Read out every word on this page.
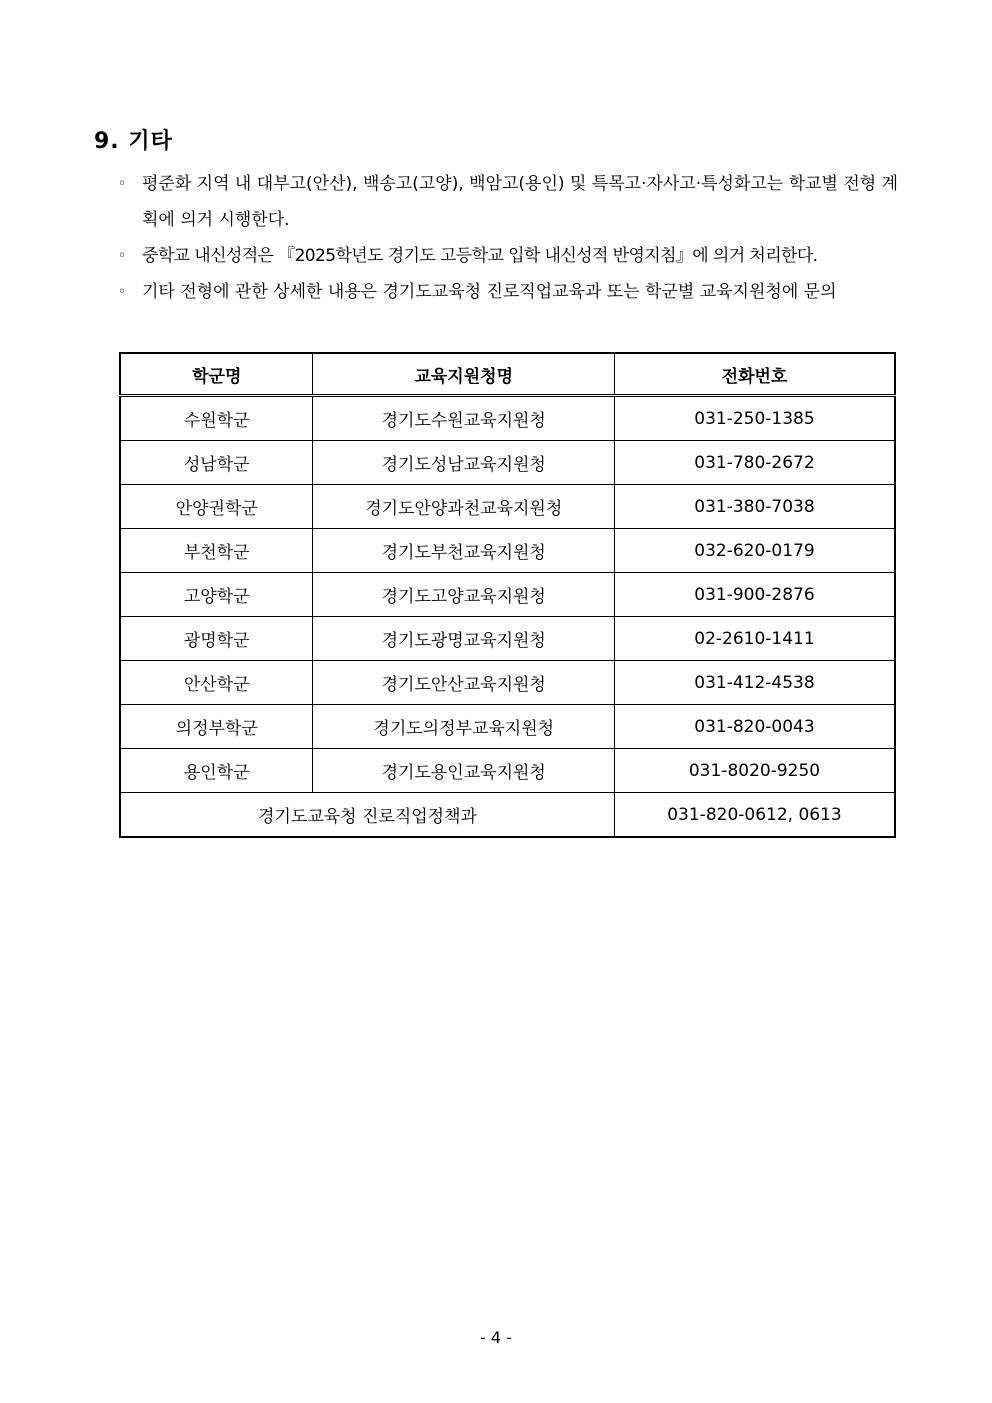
9. 기타
◦ 평준화 지역 내 대부고(안산), 백송고(고양), 백암고(용인) 및 특목고·자사고·특성화고는 학교별 전형 계획에 의거 시행한다.
◦ 중학교 내신성적은 『2025학년도 경기도 고등학교 입학 내신성적 반영지침』에 의거 처리한다.
◦ 기타 전형에 관한 상세한 내용은 경기도교육청 진로직업교육과 또는 학군별 교육지원청에 문의
학군명	교육지원청명	전화번호
수원학군	경기도수원교육지원청	031-250-1385
성남학군	경기도성남교육지원청	031-780-2672
안양권학군	경기도안양과천교육지원청	031-380-7038
부천학군	경기도부천교육지원청	032-620-0179
고양학군	경기도고양교육지원청	031-900-2876
광명학군	경기도광명교육지원청	02-2610-1411
안산학군	경기도안산교육지원청	031-412-4538
의정부학군	경기도의정부교육지원청	031-820-0043
용인학군	경기도용인교육지원청	031-8020-9250
경기도교육청 진로직업정책과		031-820-0612, 0613
- 4 -
